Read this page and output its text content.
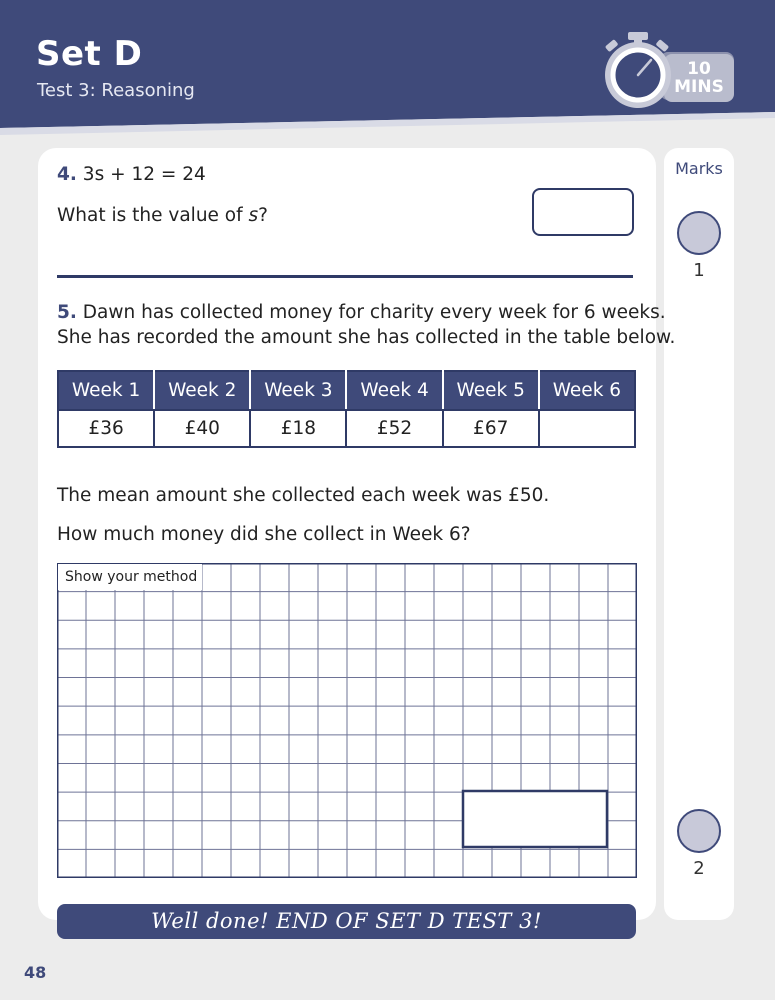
Set D
Test 3: Reasoning
10
MINS
Marks
1
2
4. 3s + 12 = 24
What is the value of s?
5. Dawn has collected money for charity every week for 6 weeks.
She has recorded the amount she has collected in the table below.
Week 1	Week 2	Week 3	Week 4	Week 5	Week 6
£36	£40	£18	£52	£67	
The mean amount she collected each week was £50.
How much money did she collect in Week 6?
Show your method
Well done! END OF SET D TEST 3!
48
